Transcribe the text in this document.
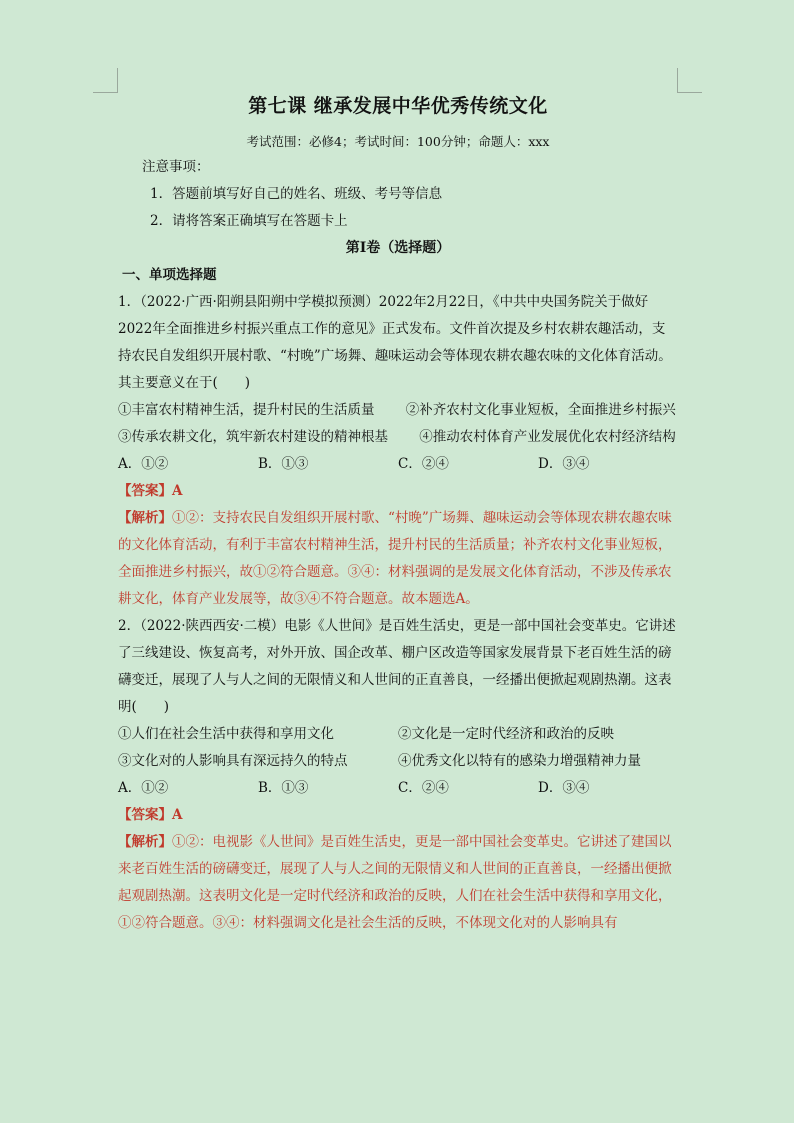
第七课 继承发展中华优秀传统文化
考试范围：必修4；考试时间：100分钟；命题人：xxx
注意事项：
1．答题前填写好自己的姓名、班级、考号等信息
2．请将答案正确填写在答题卡上
第I卷（选择题）
一、单项选择题

1．（2022·广西·阳朔县阳朔中学模拟预测）2022年2月22日，《中共中央国务院关于做好2022年全面推进乡村振兴重点工作的意见》正式发布。文件首次提及乡村农耕农趣活动，支持农民自发组织开展村歌、“村晚”广场舞、趣味运动会等体现农耕农趣农味的文化体育活动。其主要意义在于(　　)

①丰富农村精神生活，提升村民的生活质量　　 ②补齐农村文化事业短板，全面推进乡村振兴

③传承农耕文化，筑牢新农村建设的精神根基　　 ④推动农村体育产业发展优化农村经济结构

A．①②	B．①③	C．②④	D．③④

【答案】A

【解析】①②：支持农民自发组织开展村歌、“村晚”广场舞、趣味运动会等体现农耕农趣农味的文化体育活动，有利于丰富农村精神生活，提升村民的生活质量；补齐农村文化事业短板，全面推进乡村振兴，故①②符合题意。③④：材料强调的是发展文化体育活动，不涉及传承农耕文化，体育产业发展等，故③④不符合题意。故本题选A。

2．（2022·陕西西安·二模）电影《人世间》是百姓生活史，更是一部中国社会变革史。它讲述了三线建设、恢复高考，对外开放、国企改革、棚户区改造等国家发展背景下老百姓生活的磅礴变迁，展现了人与人之间的无限情义和人世间的正直善良，一经播出便掀起观剧热潮。这表明(　　)

①人们在社会生活中获得和享用文化	②文化是一定时代经济和政治的反映
③文化对的人影响具有深远持久的特点	④优秀文化以特有的感染力增强精神力量
A．①②	B．①③	C．②④	D．③④

【答案】A

【解析】①②：电视影《人世间》是百姓生活史，更是一部中国社会变革史。它讲述了建国以来老百姓生活的磅礴变迁，展现了人与人之间的无限情义和人世间的正直善良，一经播出便掀起观剧热潮。这表明文化是一定时代经济和政治的反映，人们在社会生活中获得和享用文化，①②符合题意。③④：材料强调文化是社会生活的反映，不体现文化对的人影响具有
